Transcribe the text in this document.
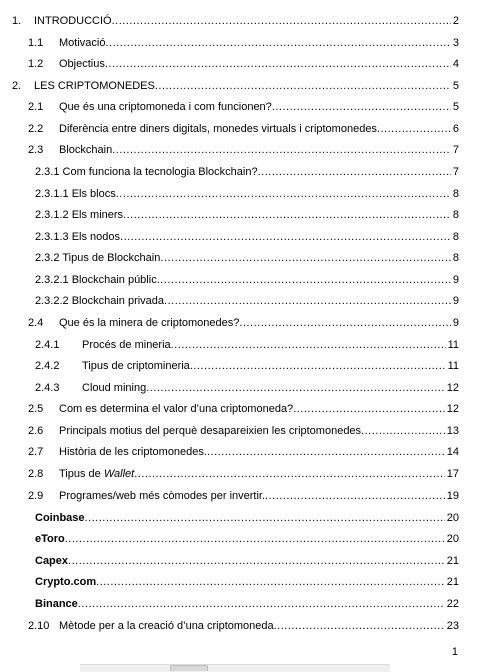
1. INTRODUCCIÓ .....	2
1.1 Motivació .....	3
1.2 Objectius .....	4
2. LES CRIPTOMONEDES .....	5
2.1 Que és una criptomoneda i com funcionen? .....	5
2.2 Diferència entre diners digitals, monedes virtuals i criptomonedes .....	6
2.3 Blockchain .....	7
2.3.1 Com funciona la tecnologia Blockchain? .....	7
2.3.1.1 Els blocs .....	8
2.3.1.2 Els miners .....	8
2.3.1.3 Els nodos .....	8
2.3.2 Tipus de Blockchain .....	8
2.3.2.1 Blockchain públic .....	9
2.3.2.2 Blockchain privada .....	9
2.4 Que és la minera de criptomonedes? .....	9
2.4.1 Procés de mineria .....	11
2.4.2 Tipus de criptomineria .....	11
2.4.3 Cloud mining .....	12
2.5 Com es determina el valor d’una criptomoneda? .....	12
2.6 Principals motius del perquè desapareixien les criptomonedes .....	13
2.7 Història de les criptomonedes. .....	14
2.8 Tipus de Wallet .....	17
2.9 Programes/web més còmodes per invertir. .....	19
Coinbase .....	20
eToro .....	20
Capex .....	21
Crypto.com .....	21
Binance .....	22
2.10 Mètode per a la creació d’una criptomoneda .....	23
1
